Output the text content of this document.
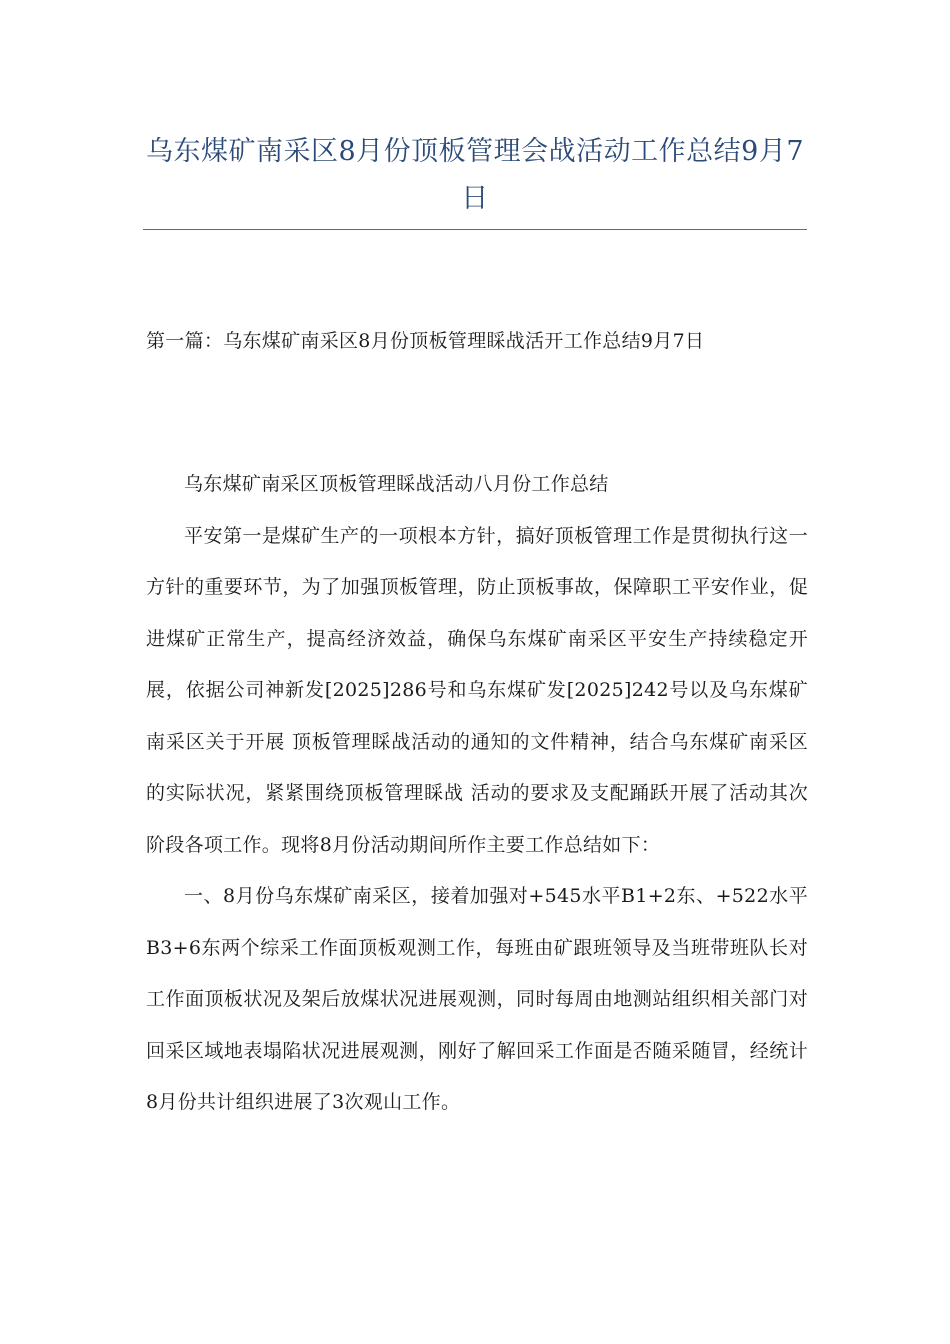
乌东煤矿南采区8月份顶板管理会战活动工作总结9月7日
第一篇：乌东煤矿南采区8月份顶板管理睬战活开工作总结9月7日

乌东煤矿南采区顶板管理睬战活动八月份工作总结

平安第一是煤矿生产的一项根本方针，搞好顶板管理工作是贯彻执行这一方针的重要环节，为了加强顶板管理，防止顶板事故，保障职工平安作业，促进煤矿正常生产，提高经济效益，确保乌东煤矿南采区平安生产持续稳定开展，依据公司神新发[2025]286号和乌东煤矿发[2025]242号以及乌东煤矿南采区关于开展 顶板管理睬战活动的通知的文件精神，结合乌东煤矿南采区的实际状况，紧紧围绕顶板管理睬战 活动的要求及支配踊跃开展了活动其次阶段各项工作。现将8月份活动期间所作主要工作总结如下：

一、8月份乌东煤矿南采区，接着加强对+545水平B1+2东、+522水平B3+6东两个综采工作面顶板观测工作，每班由矿跟班领导及当班带班队长对工作面顶板状况及架后放煤状况进展观测，同时每周由地测站组织相关部门对回采区域地表塌陷状况进展观测，刚好了解回采工作面是否随采随冒，经统计8月份共计组织进展了3次观山工作。
